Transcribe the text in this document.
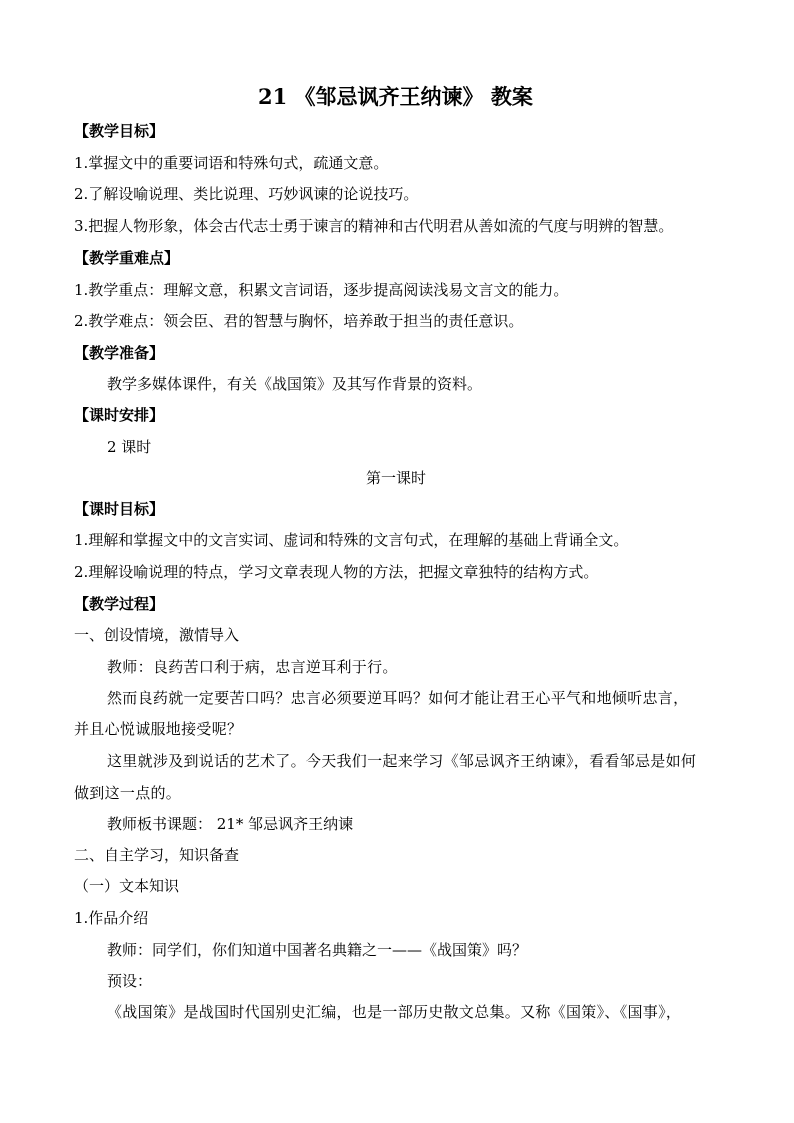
21 《邹忌讽齐王纳谏》 教案
【教学目标】
1.掌握文中的重要词语和特殊句式，疏通文意。
2.了解设喻说理、类比说理、巧妙讽谏的论说技巧。
3.把握人物形象，体会古代志士勇于谏言的精神和古代明君从善如流的气度与明辨的智慧。
【教学重难点】
1.教学重点：理解文意，积累文言词语，逐步提高阅读浅易文言文的能力。
2.教学难点：领会臣、君的智慧与胸怀，培养敢于担当的责任意识。
【教学准备】
教学多媒体课件，有关《战国策》及其写作背景的资料。
【课时安排】
2 课时
第一课时
【课时目标】
1.理解和掌握文中的文言实词、虚词和特殊的文言句式，在理解的基础上背诵全文。
2.理解设喻说理的特点，学习文章表现人物的方法，把握文章独特的结构方式。
【教学过程】
一、创设情境，激情导入
教师：良药苦口利于病，忠言逆耳利于行。
然而良药就一定要苦口吗？忠言必须要逆耳吗？如何才能让君王心平气和地倾听忠言，
并且心悦诚服地接受呢？
这里就涉及到说话的艺术了。今天我们一起来学习《邹忌讽齐王纳谏》，看看邹忌是如何
做到这一点的。
教师板书课题： 21* 邹忌讽齐王纳谏
二、自主学习，知识备查
（一）文本知识
1.作品介绍
教师：同学们，你们知道中国著名典籍之一——《战国策》吗？
预设：
《战国策》是战国时代国别史汇编，也是一部历史散文总集。又称《国策》、《国事》，
